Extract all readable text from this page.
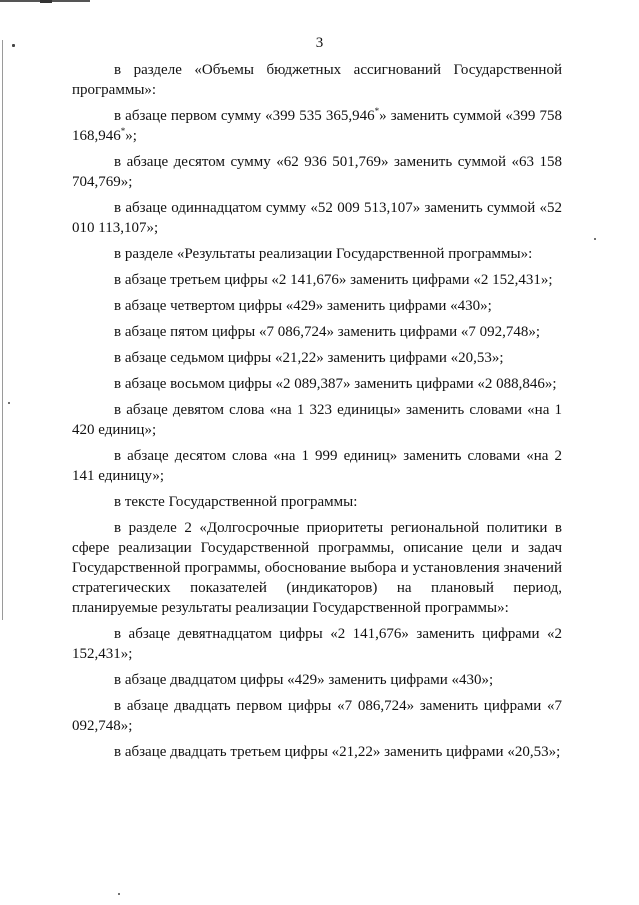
3

в разделе «Объемы бюджетных ассигнований Государственной программы»:

в абзаце первом сумму «399 535 365,946*» заменить суммой «399 758 168,946*»;

в абзаце десятом сумму «62 936 501,769» заменить суммой «63 158 704,769»;

в абзаце одиннадцатом сумму «52 009 513,107» заменить суммой «52 010 113,107»;

в разделе «Результаты реализации Государственной программы»:

в абзаце третьем цифры «2 141,676» заменить цифрами «2 152,431»;

в абзаце четвертом цифры «429» заменить цифрами «430»;

в абзаце пятом цифры «7 086,724» заменить цифрами «7 092,748»;

в абзаце седьмом цифры «21,22» заменить цифрами «20,53»;

в абзаце восьмом цифры «2 089,387» заменить цифрами «2 088,846»;

в абзаце девятом слова «на 1 323 единицы» заменить словами «на 1 420 единиц»;

в абзаце десятом слова «на 1 999 единиц» заменить словами «на 2 141 единицу»;

в тексте Государственной программы:

в разделе 2 «Долгосрочные приоритеты региональной политики в сфере реализации Государственной программы, описание цели и задач Государственной программы, обоснование выбора и установления значений стратегических показателей (индикаторов) на плановый период, планируемые результаты реализации Государственной программы»:

в абзаце девятнадцатом цифры «2 141,676» заменить цифрами «2 152,431»;

в абзаце двадцатом цифры «429» заменить цифрами «430»;

в абзаце двадцать первом цифры «7 086,724» заменить цифрами «7 092,748»;

в абзаце двадцать третьем цифры «21,22» заменить цифрами «20,53»;
